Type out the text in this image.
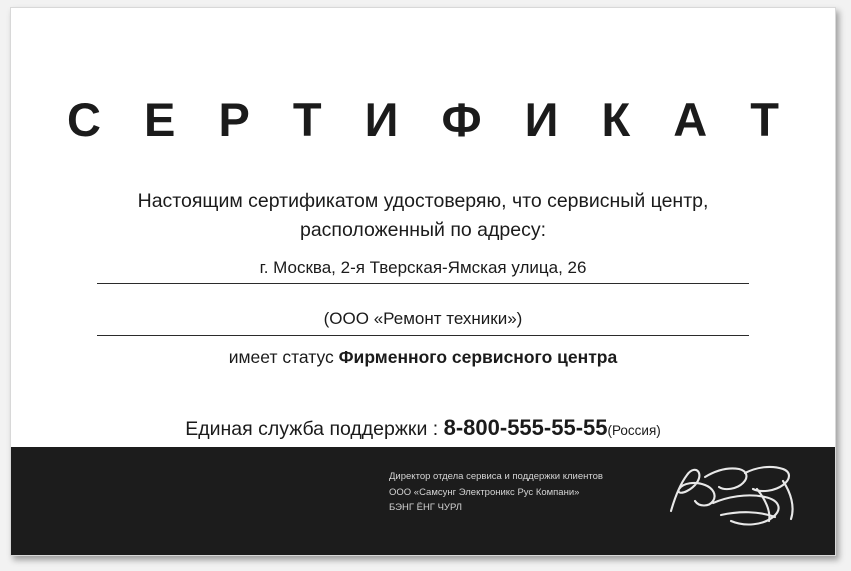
С Е Р Т И Ф И К А Т
Настоящим сертификатом удостоверяю, что сервисный центр,
расположенный по адресу:
г. Москва, 2-я Тверская-Ямская улица, 26
(ООО «Ремонт техники»)
имеет статус Фирменного сервисного центра
Единая служба поддержки : 8-800-555-55-55(Россия)
Директор отдела сервиса и поддержки клиентов
ООО «Самсунг Электроникс Рус Компани»
БЭНГ ЁНГ ЧУРЛ
